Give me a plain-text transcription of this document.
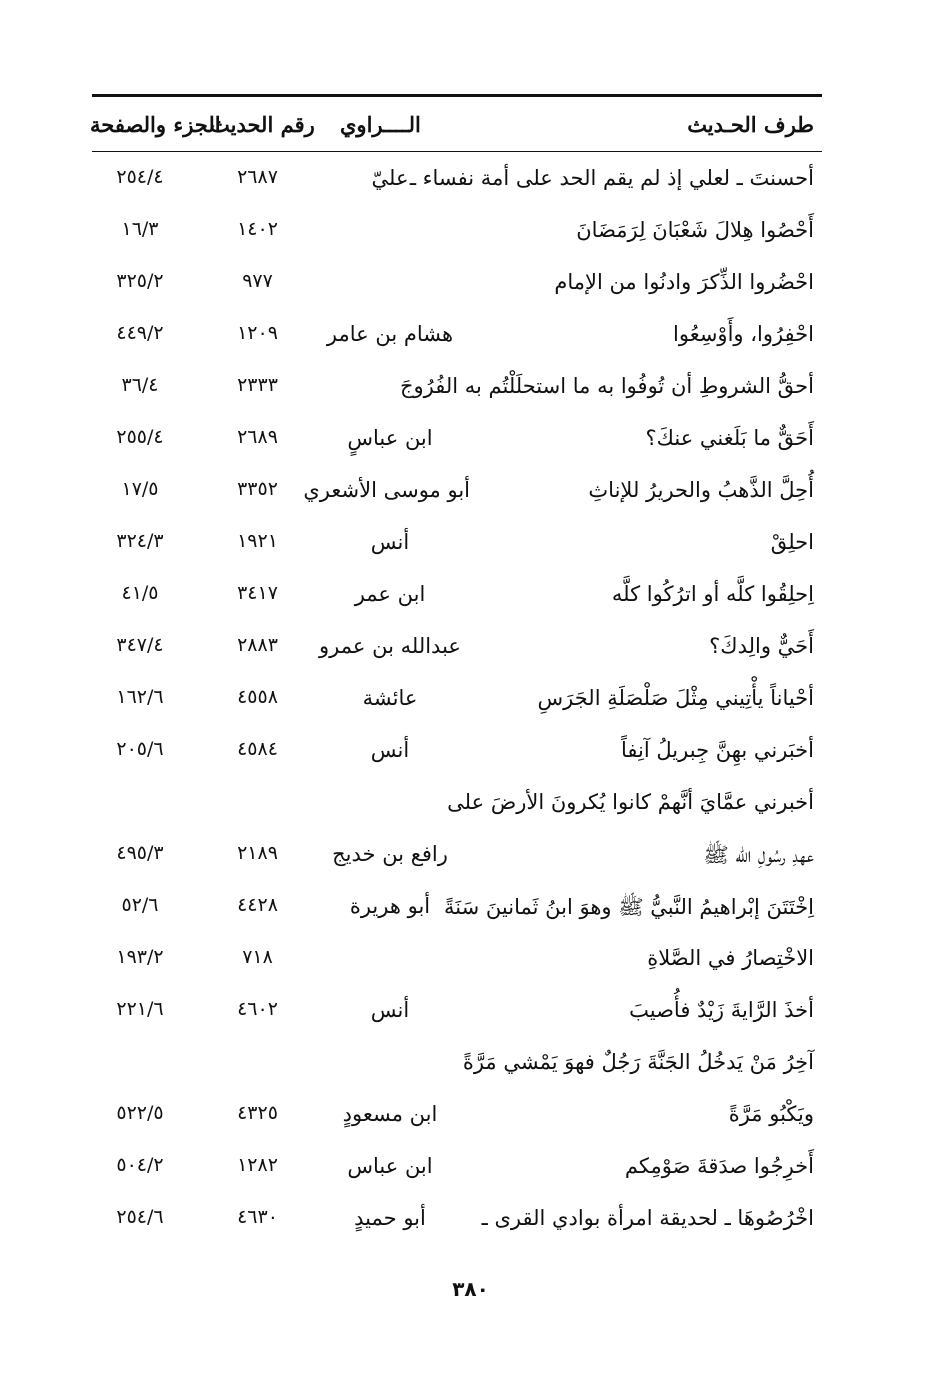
طرف الحـديث
الــــراوي
رقم الحديث
الجزء والصفحة
أحسنتَ ـ لعلي إذ لم يقم الحد على أمة نفساء ـ
عليّ
٢٦٨٧
٢٥٤/٤
أَحْصُوا هِلالَ شَعْبَانَ لِرَمَضَانَ
١٤٠٢
١٦/٣
احْضُروا الذِّكرَ وادنُوا من الإمام
٩٧٧
٣٢٥/٢
احْفِرُوا، وأَوْسِعُوا
هشام بن عامر
١٢٠٩
٤٤٩/٢
أحقُّ الشروطِ أن تُوفُوا به ما استحلَلْتُم به الفُرُوجَ
٢٣٣٣
٣٦/٤
أَحَقٌّ ما بَلَغني عنكَ؟
ابن عباسٍ
٢٦٨٩
٢٥٥/٤
أُحِلَّ الذَّهبُ والحريرُ للإناثِ
أبو موسى الأشعري
٣٣٥٢
١٧/٥
احلِقْ
أنس
١٩٢١
٣٢٤/٣
اِحلِقُوا كلَّه أو اترُكُوا كلَّه
ابن عمر
٣٤١٧
٤١/٥
أَحَيٌّ والِدكَ؟
عبدالله بن عمرو
٢٨٨٣
٣٤٧/٤
أحْياناً يأْتِيني مِثْلَ صَلْصَلَةِ الجَرَسِ
عائشة
٤٥٥٨
١٦٢/٦
أخبَرني بهِنَّ جِبريلُ آنِفاً
أنس
٤٥٨٤
٢٠٥/٦
أخبرني عمَّايَ أنَّهمْ كانوا يُكرونَ الأرضَ على
عهدِ رسُولِ الله ﷺ
رافع بن خديج
٢١٨٩
٤٩٥/٣
اِخْتَتَنَ إبْراهيمُ النَّبيُّ ﷺ وهوَ ابنُ ثَمانينَ سَنَةً
أبو هريرة
٤٤٢٨
٥٢/٦
الاخْتِصارُ في الصَّلاةِ
٧١٨
١٩٣/٢
أخذَ الرَّايةَ زَيْدٌ فأُصيبَ
أنس
٤٦٠٢
٢٢١/٦
آخِرُ مَنْ يَدخُلُ الجَنَّةَ رَجُلٌ فهوَ يَمْشي مَرَّةً
ويَكْبُو مَرَّةً
ابن مسعودٍ
٤٣٢٥
٥٢٢/٥
أَخرِجُوا صدَقةَ صَوْمِكم
ابن عباس
١٢٨٢
٥٠٤/٢
اخْرُصُوهَا ـ لحديقة امرأة بوادي القرى ـ
أبو حميدٍ
٤٦٣٠
٢٥٤/٦
٣٨٠
